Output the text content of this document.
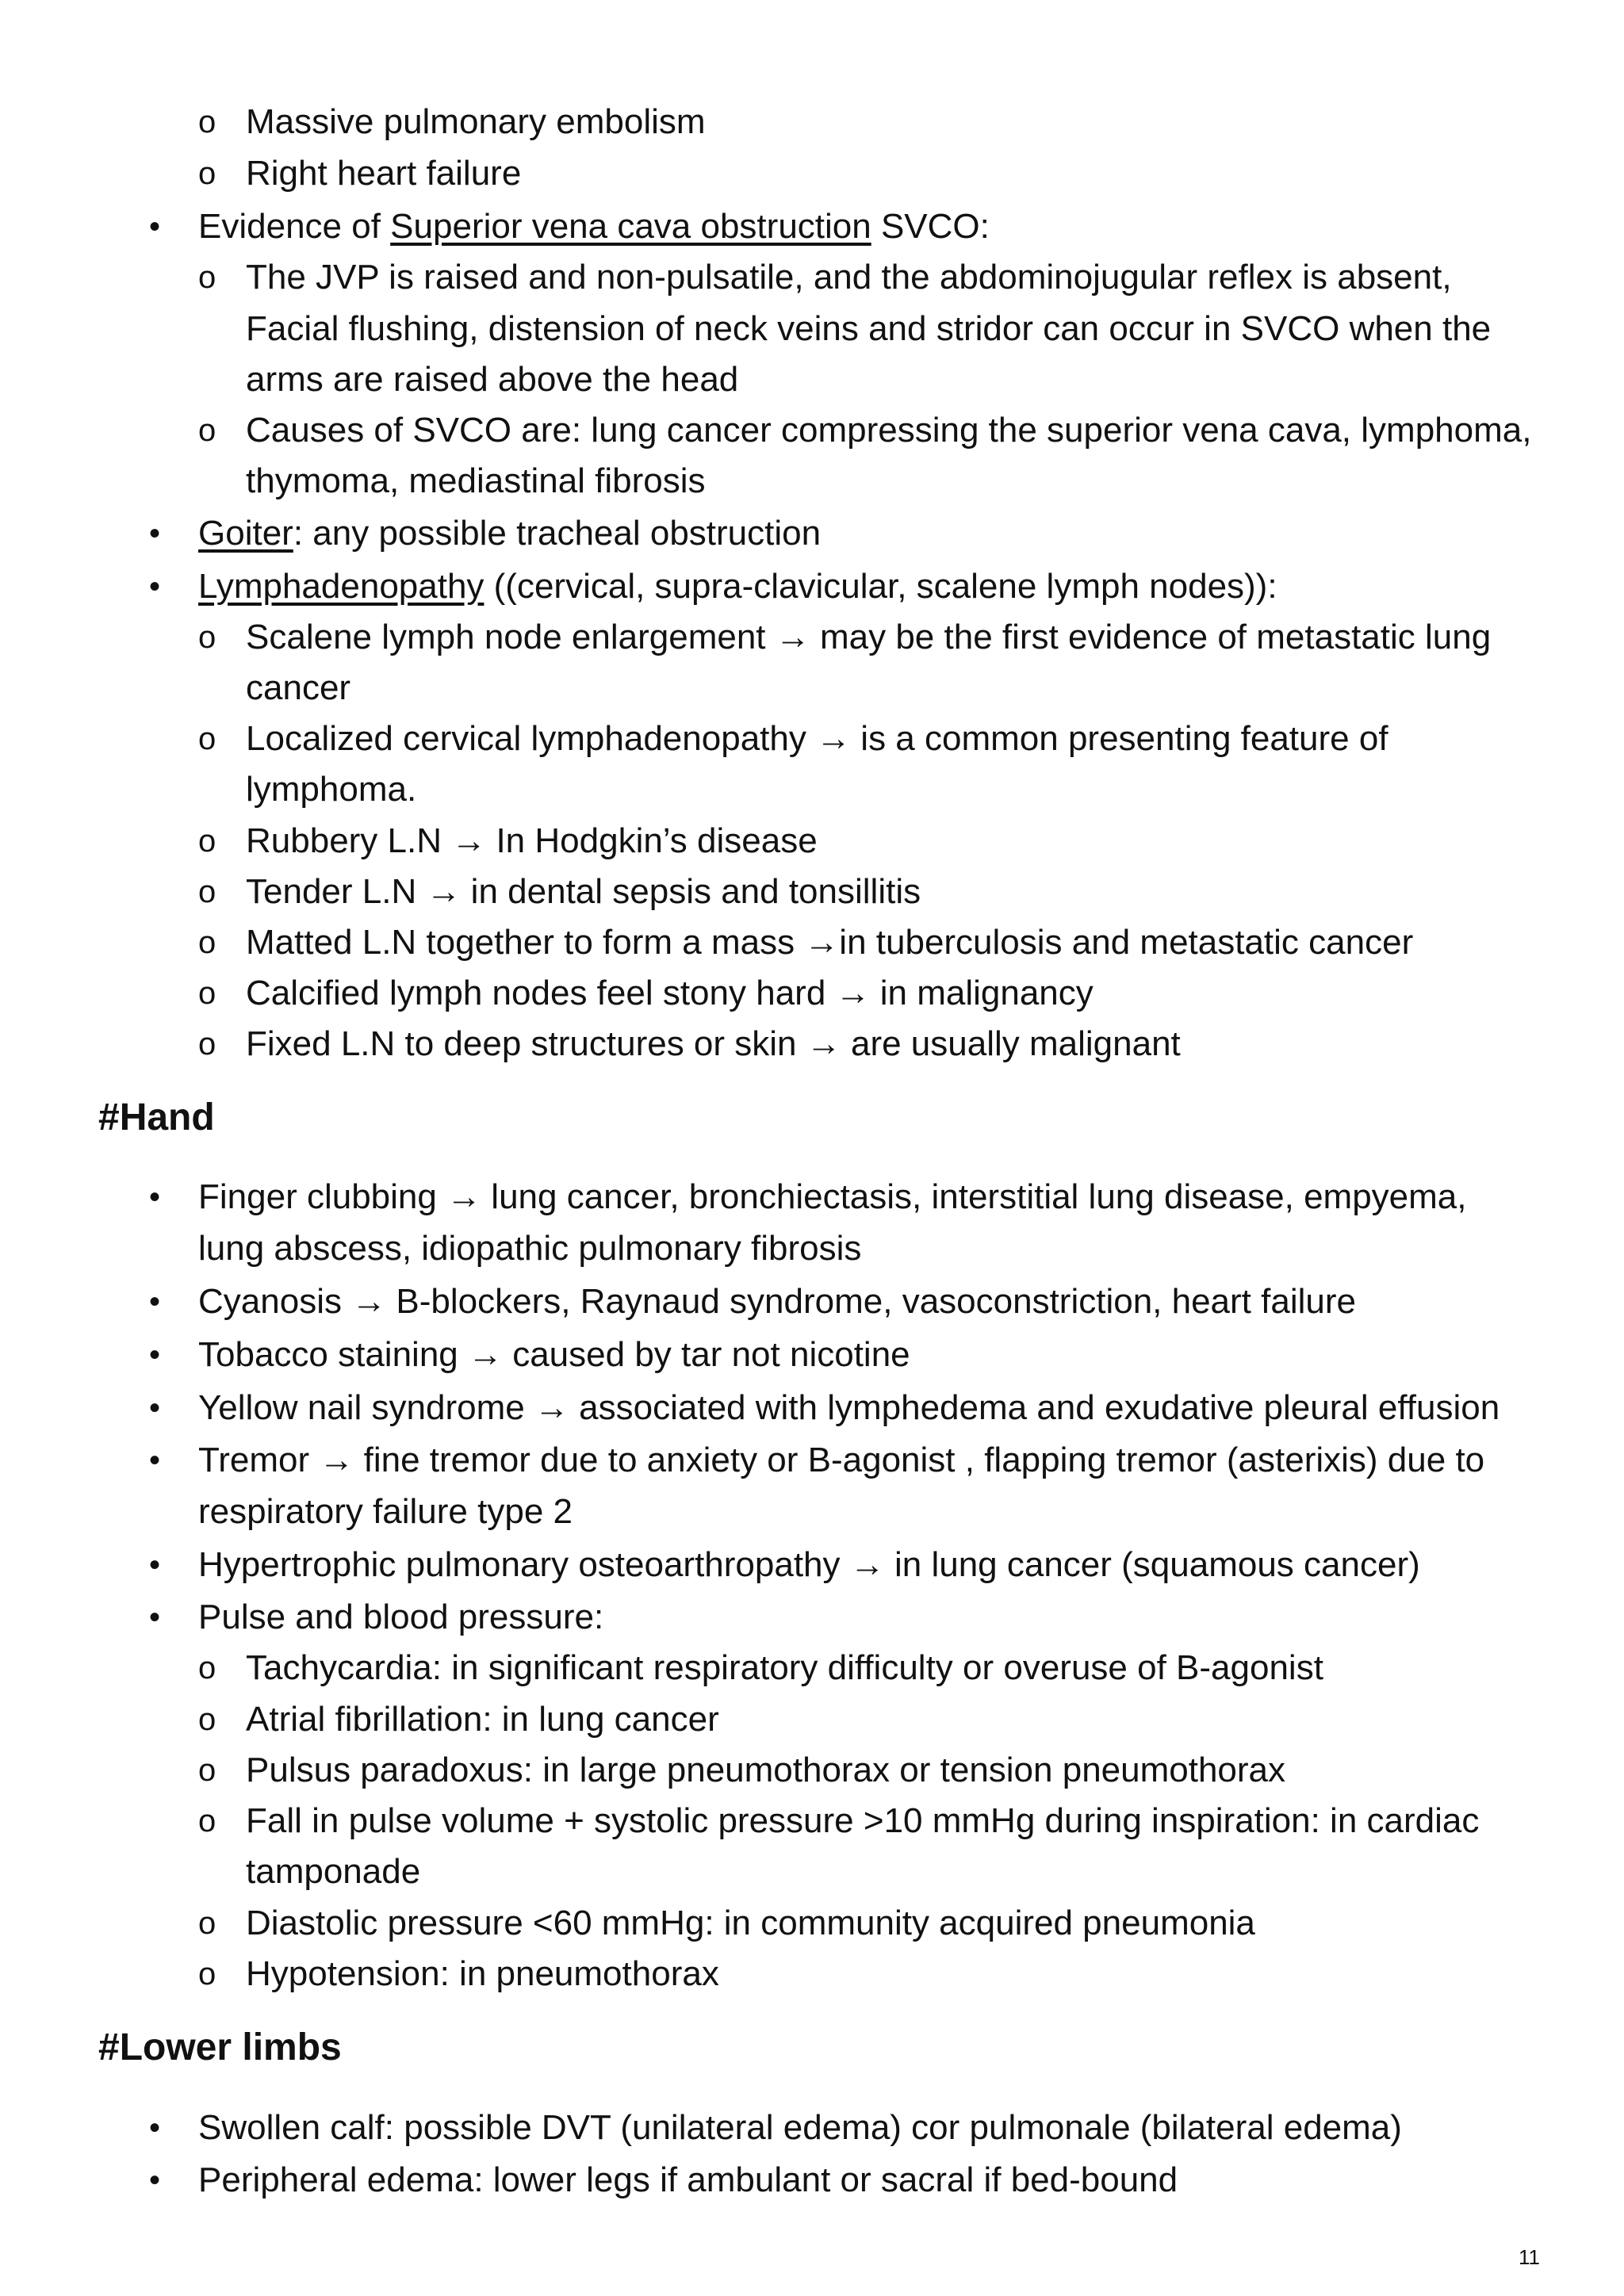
o Massive pulmonary embolism
o Right heart failure
• Evidence of Superior vena cava obstruction SVCO:
o The JVP is raised and non-pulsatile, and the abdominojugular reflex is absent,
Facial flushing, distension of neck veins and stridor can occur in SVCO when the
arms are raised above the head
o Causes of SVCO are: lung cancer compressing the superior vena cava, lymphoma,
thymoma, mediastinal fibrosis
• Goiter: any possible tracheal obstruction
• Lymphadenopathy ((cervical, supra-clavicular, scalene lymph nodes)):
o Scalene lymph node enlargement → may be the first evidence of metastatic lung
cancer
o Localized cervical lymphadenopathy → is a common presenting feature of
lymphoma.
o Rubbery L.N → In Hodgkin’s disease
o Tender L.N → in dental sepsis and tonsillitis
o Matted L.N together to form a mass →in tuberculosis and metastatic cancer
o Calcified lymph nodes feel stony hard → in malignancy
o Fixed L.N to deep structures or skin → are usually malignant
#Hand
• Finger clubbing → lung cancer, bronchiectasis, interstitial lung disease, empyema,
lung abscess, idiopathic pulmonary fibrosis
• Cyanosis → B-blockers, Raynaud syndrome, vasoconstriction, heart failure
• Tobacco staining → caused by tar not nicotine
• Yellow nail syndrome → associated with lymphedema and exudative pleural effusion
• Tremor → fine tremor due to anxiety or B-agonist , flapping tremor (asterixis) due to
respiratory failure type 2
• Hypertrophic pulmonary osteoarthropathy → in lung cancer (squamous cancer)
• Pulse and blood pressure:
o Tachycardia: in significant respiratory difficulty or overuse of B-agonist
o Atrial fibrillation: in lung cancer
o Pulsus paradoxus: in large pneumothorax or tension pneumothorax
o Fall in pulse volume + systolic pressure >10 mmHg during inspiration: in cardiac
tamponade
o Diastolic pressure <60 mmHg: in community acquired pneumonia
o Hypotension: in pneumothorax
#Lower limbs
• Swollen calf: possible DVT (unilateral edema) cor pulmonale (bilateral edema)
• Peripheral edema: lower legs if ambulant or sacral if bed-bound
11
